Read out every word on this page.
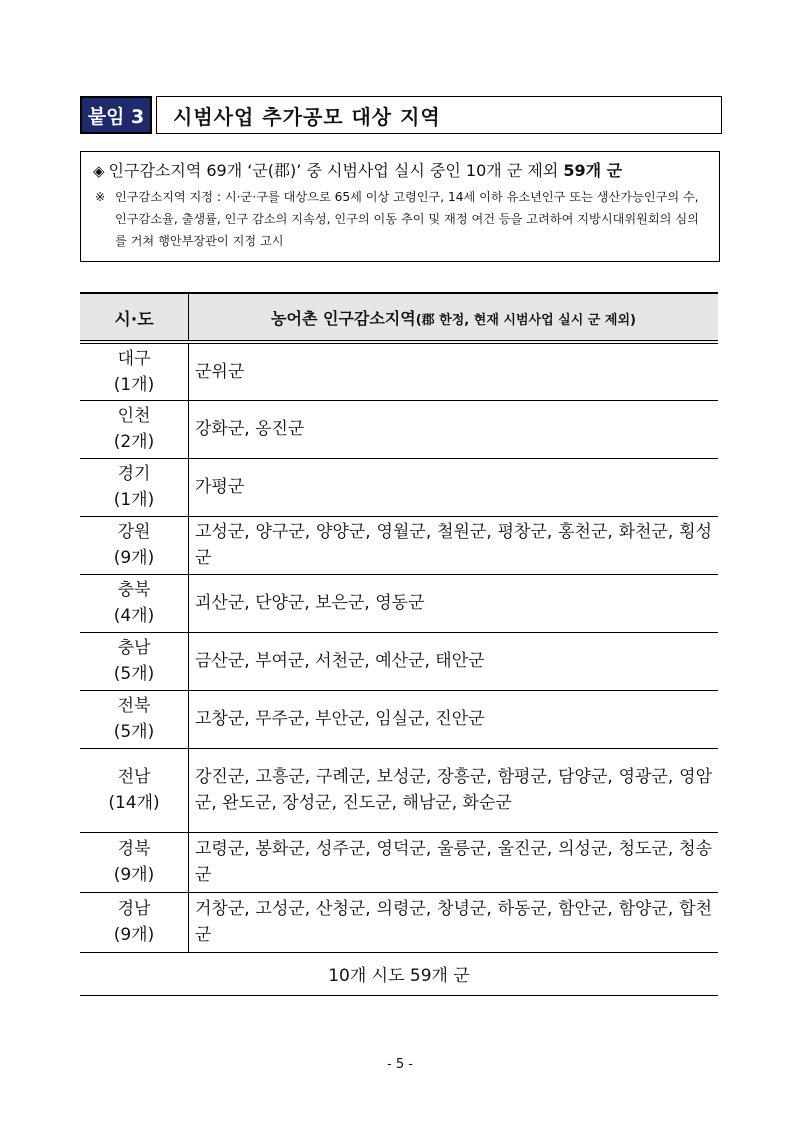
붙임 3	시범사업 추가공모 대상 지역
◈ 인구감소지역 69개 ‘군(郡)’ 중 시범사업 실시 중인 10개 군 제외 59개 군
※ 인구감소지역 지정 : 시·군·구를 대상으로 65세 이상 고령인구, 14세 이하 유소년인구 또는 생산가능인구의 수, 인구감소율, 출생률, 인구 감소의 지속성, 인구의 이동 추이 및 재정 여건 등을 고려하여 지방시대위원회의 심의를 거쳐 행안부장관이 지정 고시
시·도	농어촌 인구감소지역(郡 한정, 현재 시범사업 실시 군 제외)

대구
(1개)	군위군

인천
(2개)	강화군, 옹진군

경기
(1개)	가평군

강원
(9개)	고성군, 양구군, 양양군, 영월군, 철원군, 평창군, 홍천군, 화천군, 횡성군

충북
(4개)	괴산군, 단양군, 보은군, 영동군

충남
(5개)	금산군, 부여군, 서천군, 예산군, 태안군

전북
(5개)	고창군, 무주군, 부안군, 임실군, 진안군

전남
(14개)	강진군, 고흥군, 구례군, 보성군, 장흥군, 함평군, 담양군, 영광군, 영암군, 완도군, 장성군, 진도군, 해남군, 화순군

경북
(9개)	고령군, 봉화군, 성주군, 영덕군, 울릉군, 울진군, 의성군, 청도군, 청송군

경남
(9개)	거창군, 고성군, 산청군, 의령군, 창녕군, 하동군, 함안군, 함양군, 합천군
10개 시도 59개 군	
- 5 -
